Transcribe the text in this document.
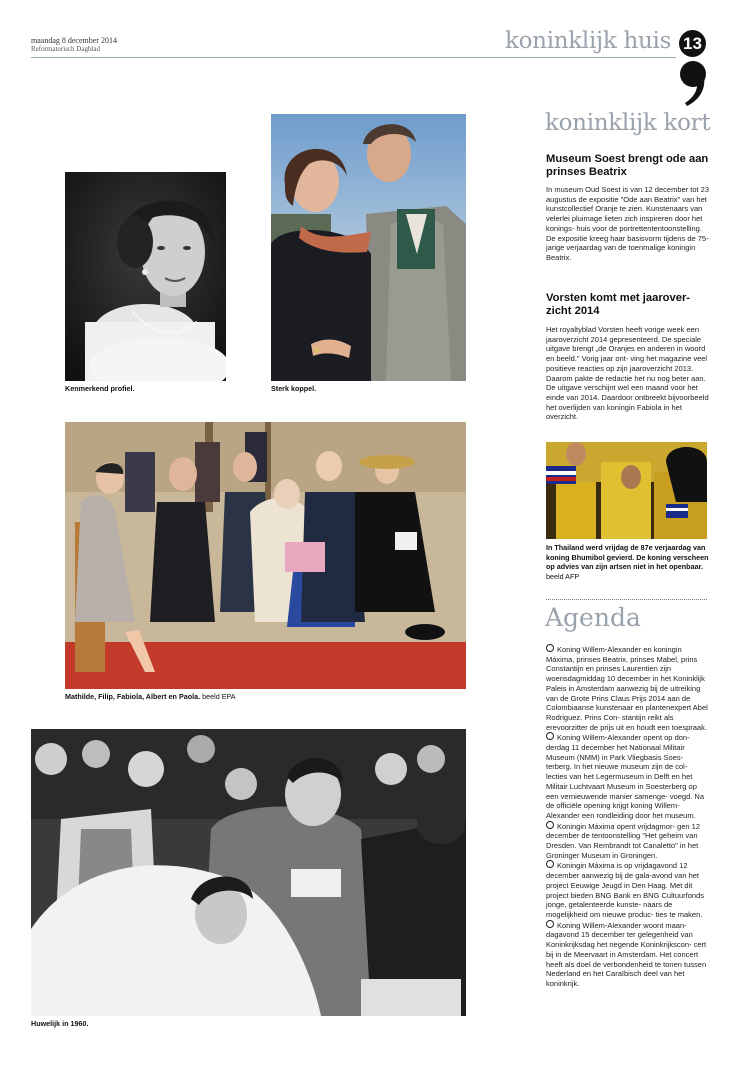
maandag 8 december 2014
Reformatorisch Dagblad	koninklijk huis 13
Kenmerkend profiel.	Sterk koppel.
Mathilde, Filip, Fabiola, Albert en Paola. beeld EPA
Huwelijk in 1960.
koninklijk kort
Museum Soest brengt ode aan prinses Beatrix
In museum Oud Soest is van 12 december tot 23 augustus de expositie "Ode aan Beatrix" van het kunstcollectief Oranje te zien. Kunstenaars van velerlei pluimage lieten zich inspireren door het konings- huis voor de portrettententoonstelling. De expositie kreeg haar basisvorm tijdens de 75-jarige verjaardag van de toenmalige koningin Beatrix.
Vorsten komt met jaarover- zicht 2014
Het royaltyblad Vorsten heeft vorige week een jaaroverzicht 2014 gepresenteerd. De speciale uitgave brengt „de Oranjes en anderen in woord en beeld." Vorig jaar ont- ving het magazine veel positieve reacties op zijn jaaroverzicht 2013. Daarom pakte de redactie het nu nog beter aan. De uitgave verschijnt wel een maand voor het einde van 2014. Daardoor ontbreekt bijvoorbeeld het overlijden van koningin Fabiola in het overzicht.
In Thailand werd vrijdag de 87e verjaardag van koning Bhumibol gevierd. De koning verscheen op advies van zijn artsen niet in het openbaar. beeld AFP
Agenda
Koning Willem-Alexander en koningin Máxima, prinses Beatrix, prinses Mabel, prins Constantijn en prinses Laurentien zijn woensdagmiddag 10 december in het Koninklijk Paleis in Amsterdam aanwezig bij de uitreiking van de Grote Prins Claus Prijs 2014 aan de Colombiaanse kunstenaar en plantenexpert Abel Rodriguez. Prins Con- stantijn reikt als erevoorzitter de prijs uit en houdt een toespraak.
Koning Willem-Alexander opent op don- derdag 11 december het Nationaal Militair Museum (NMM) in Park Vliegbasis Soes- terberg. In het nieuwe museum zijn de col- lecties van het Legermuseum in Delft en het Militair Luchtvaart Museum in Soesterberg op een vernieuwende manier samenge- voegd. Na de officiële opening krijgt koning Willem-Alexander een rondleiding door het museum.
Koningin Máxima opent vrijdagmor- gen 12 december de tentoonstelling "Het geheim van Dresden. Van Rembrandt tot Canaletto" in het Groninger Museum in Groningen.
Koningin Máxima is op vrijdagavond 12 december aanwezig bij de gala-avond van het project Eeuwige Jeugd in Den Haag. Met dit project bieden BNG Bank en BNG Cultuurfonds jonge, getalenteerde kunste- naars de mogelijkheid om nieuwe produc- ties te maken.
Koning Willem-Alexander woont maan- dagavond 15 december ter gelegenheid van Koninkrijksdag het negende Koninkrijkscon- cert bij in de Meervaart in Amsterdam. Het concert heeft als doel de verbondenheid te tonen tussen Nederland en het Caraïbisch deel van het koninkrijk.
